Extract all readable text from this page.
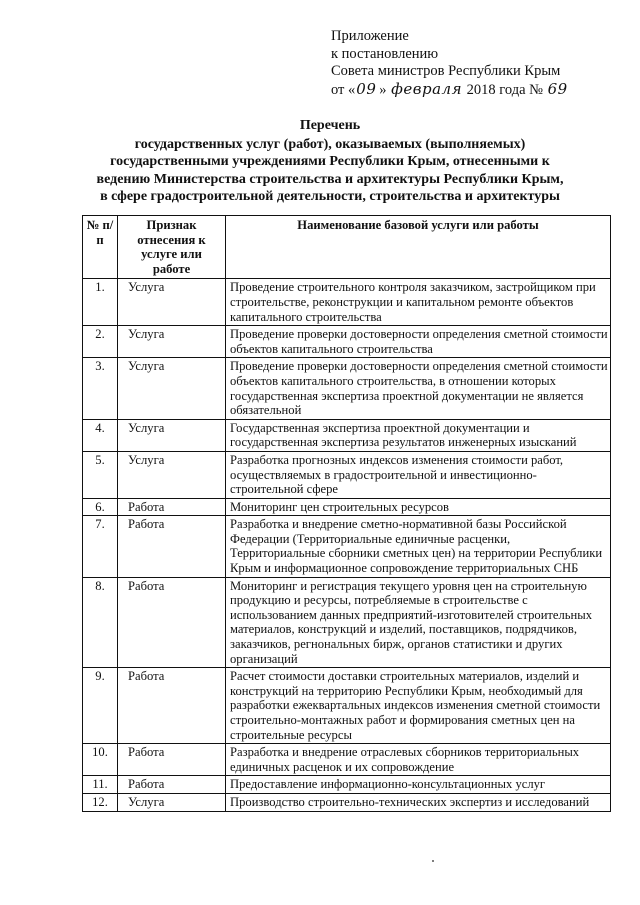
Приложение
к постановлению
Совета министров Республики Крым
от «09 » февраля 2018 года № 69
Перечень
государственных услуг (работ), оказываемых (выполняемых)
государственными учреждениями Республики Крым, отнесенными к
ведению Министерства строительства и архитектуры Республики Крым,
в сфере градостроительной деятельности, строительства и архитектуры
№ п/п	Признак отнесения к услуге или работе	Наименование базовой услуги или работы
1.	Услуга	Проведение строительного контроля заказчиком, застройщиком при строительстве, реконструкции и капитальном ремонте объектов капитального строительства
2.	Услуга	Проведение проверки достоверности определения сметной стоимости объектов капитального строительства
3.	Услуга	Проведение проверки достоверности определения сметной стоимости объектов капитального строительства, в отношении которых государственная экспертиза проектной документации не является обязательной
4.	Услуга	Государственная экспертиза проектной документации и государственная экспертиза результатов инженерных изысканий
5.	Услуга	Разработка прогнозных индексов изменения стоимости работ, осуществляемых в градостроительной и инвестиционно-строительной сфере
6.	Работа	Мониторинг цен строительных ресурсов
7.	Работа	Разработка и внедрение сметно-нормативной базы Российской Федерации (Территориальные единичные расценки, Территориальные сборники сметных цен) на территории Республики Крым и информационное сопровождение территориальных СНБ
8.	Работа	Мониторинг и регистрация текущего уровня цен на строительную продукцию и ресурсы, потребляемые в строительстве с использованием данных предприятий-изготовителей строительных материалов, конструкций и изделий, поставщиков, подрядчиков, заказчиков, регнональных бирж, органов статистики и других организаций
9.	Работа	Расчет стоимости доставки строительных материалов, изделий и конструкций на территорию Республики Крым, необходимый для разработки ежеквартальных индексов изменения сметной стоимости строительно-монтажных работ и формирования сметных цен на строительные ресурсы
10.	Работа	Разработка и внедрение отраслевых сборников территориальных единичных расценок и их сопровождение
11.	Работа	Предоставление информационно-консультационных услуг
12.	Услуга	Производство строительно-технических экспертиз и исследований
